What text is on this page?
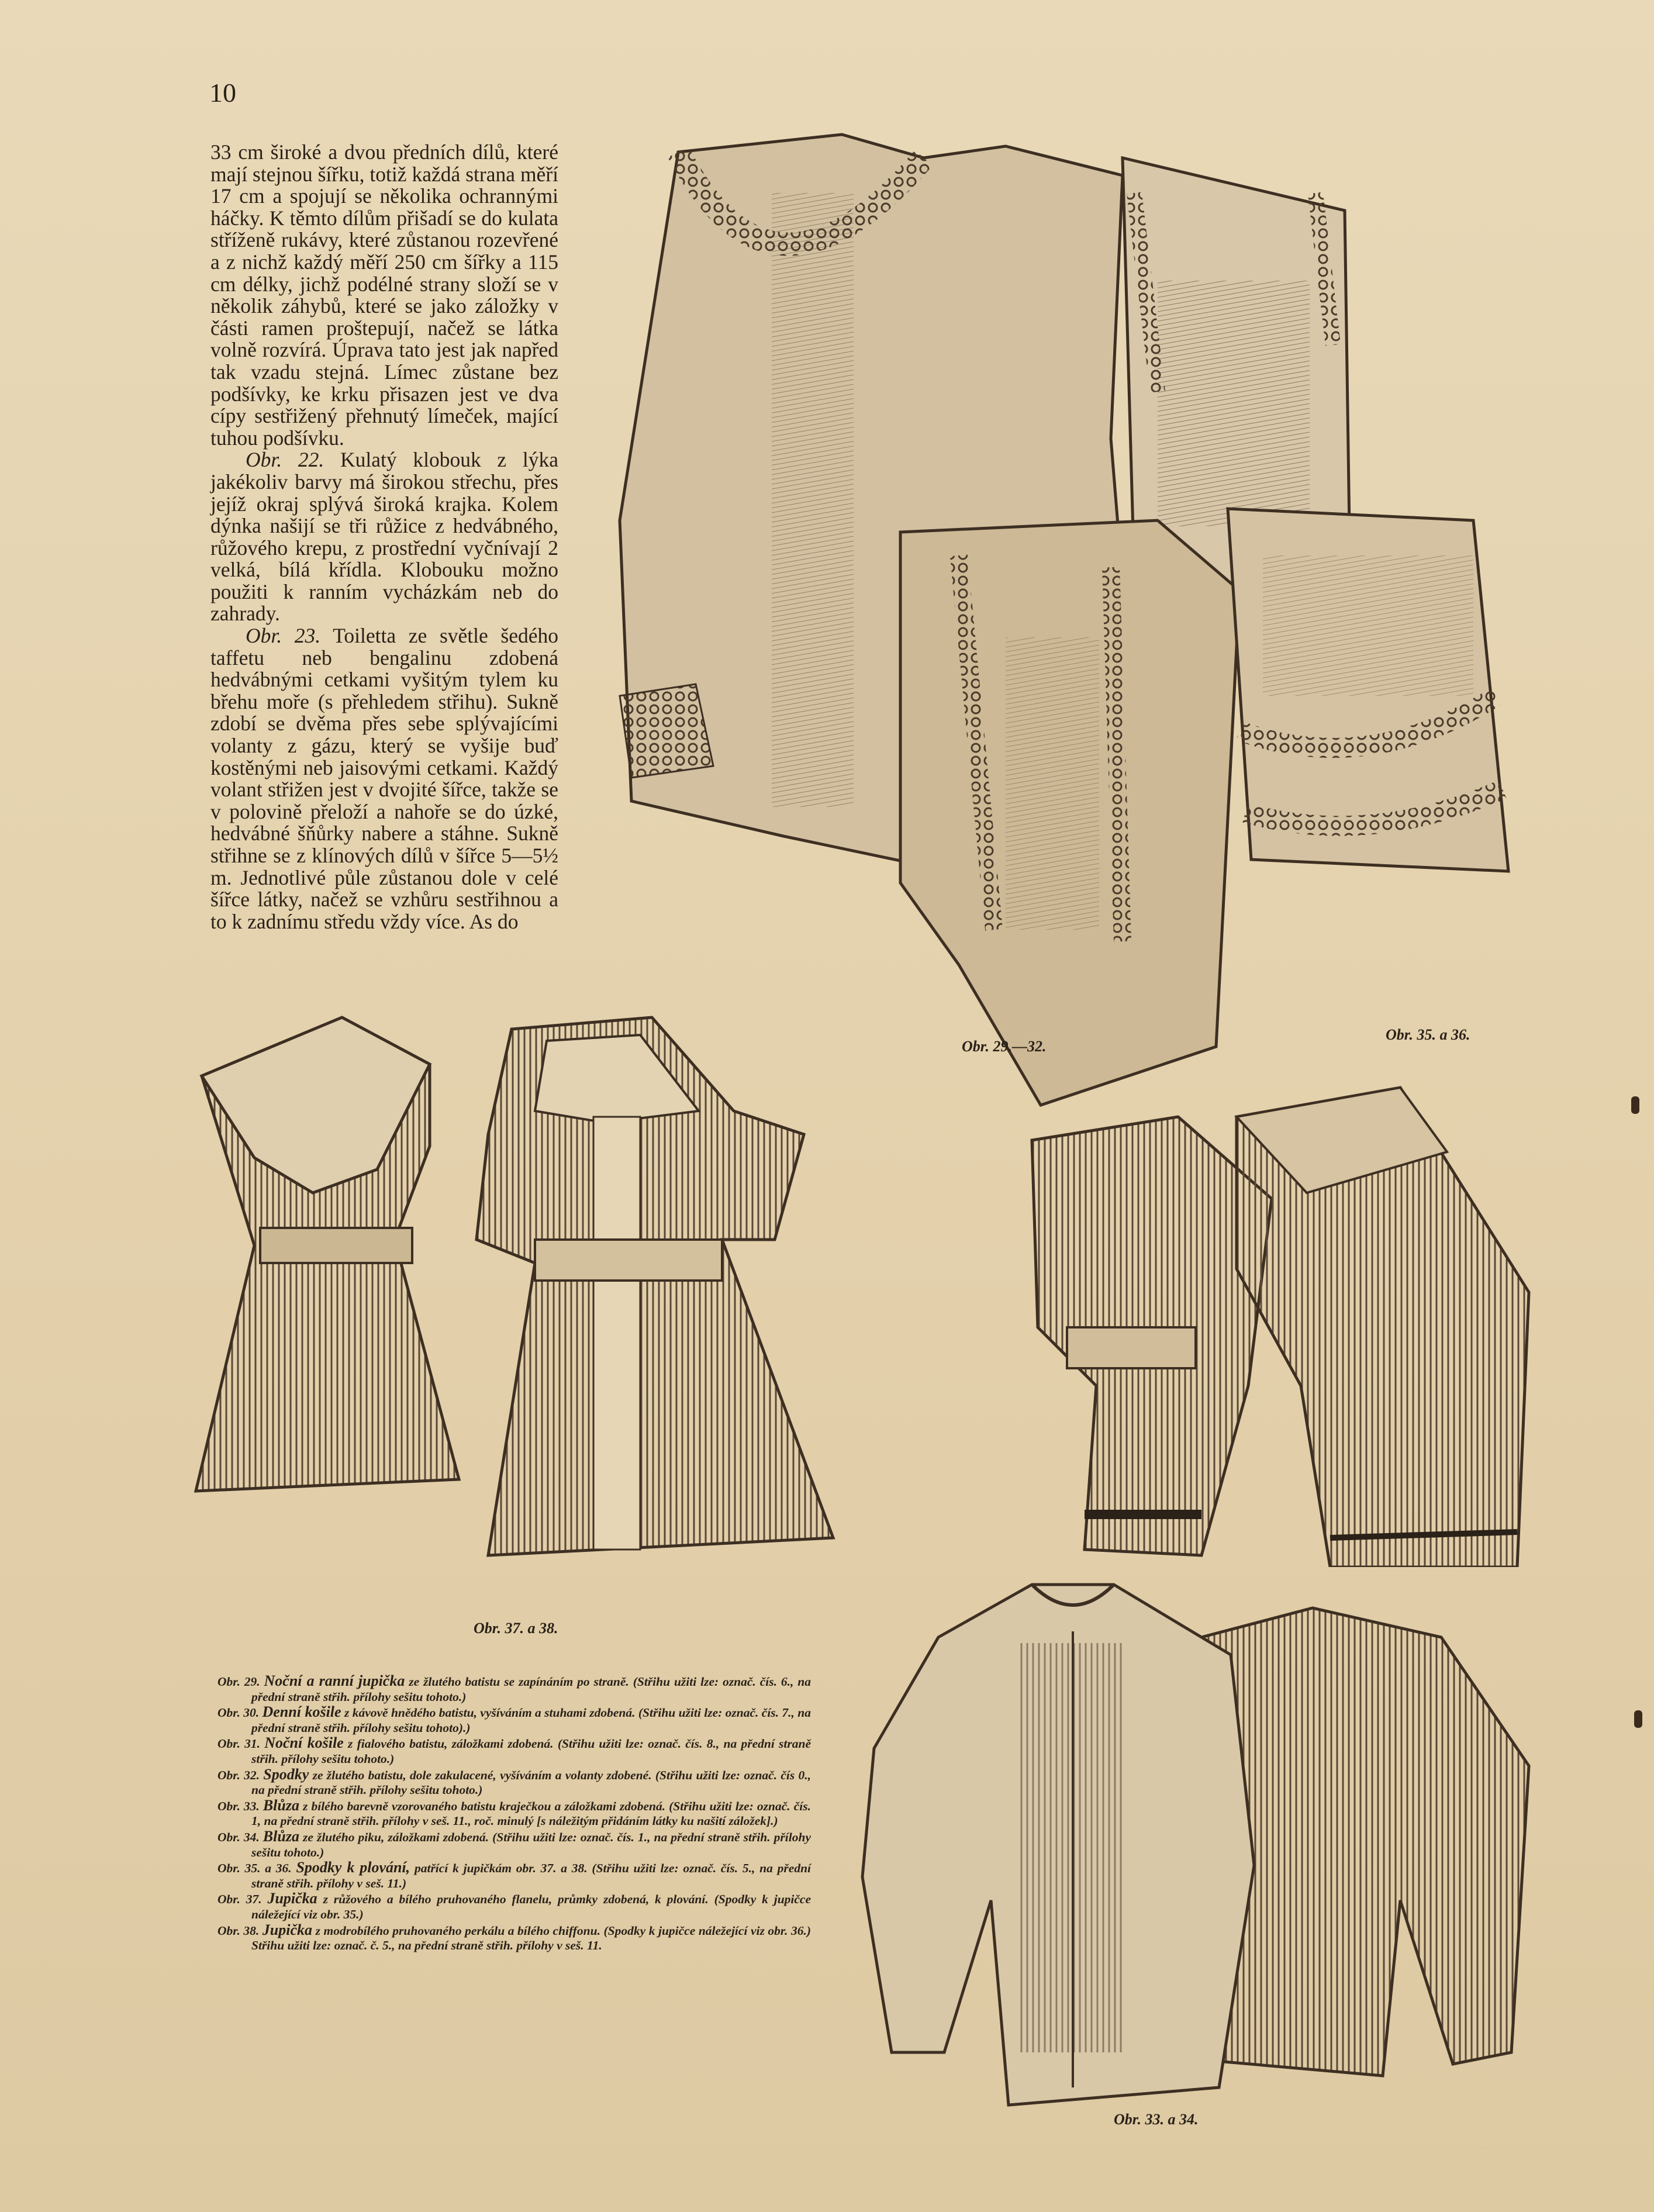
10

33 cm široké a dvou předních dílů, které mají stejnou šířku, totiž každá strana měří 17 cm a spojují se několika ochrannými háčky. K těmto dílům přišadí se do kulata stříženě rukávy, které zůstanou rozevřené a z nichž každý měří 250 cm šířky a 115 cm délky, jichž podélné strany složí se v několik záhybů, které se jako záložky v části ramen proštepují, načež se látka volně rozvírá. Úprava tato jest jak napřed tak vzadu stejná. Límec zůstane bez podšívky, ke krku přisazen jest ve dva cípy sestřižený přehnutý límeček, mající tuhou podšívku.

Obr. 22. Kulatý klobouk z lýka jakékoliv barvy má širokou střechu, přes jejíž okraj splývá široká krajka. Kolem dýnka našijí se tři růžice z hedvábného, růžového krepu, z prostřední vyčnívají 2 velká, bílá křídla. Klobouku možno použiti k ranním vycházkám neb do zahrady.

Obr. 23. Toiletta ze světle šedého taffetu neb bengalinu zdobená hedvábnými cetkami vyšitým tylem ku břehu moře (s přehledem střihu). Sukně zdobí se dvěma přes sebe splývajícími volanty z gázu, který se vyšije buď kostěnými neb jaisovými cetkami. Každý volant střižen jest v dvojité šířce, takže se v polovině přeloží a nahoře se do úzké, hedvábné šňůrky nabere a stáhne. Sukně střihne se z klínových dílů v šířce 5—5½ m. Jednotlivé půle zůstanou dole v celé šířce látky, načež se vzhůru sestřihnou a to k zadnímu středu vždy více. As do

Obr. 29.—32.
Obr. 35. a 36.
Obr. 37. a 38.
Obr. 33. a 34.

Obr. 29. Noční a ranní jupička ze žlutého batistu se zapínáním po straně. (Střihu užiti lze: označ. čís. 6., na přední straně střih. přílohy sešitu tohoto.)

Obr. 30. Denní košile z kávově hnědého batistu, vyšíváním a stuhami zdobená. (Střihu užiti lze: označ. čís. 7., na přední straně střih. přílohy sešitu tohoto).)

Obr. 31. Noční košile z fialového batistu, záložkami zdobená. (Střihu užiti lze: označ. čís. 8., na přední straně střih. přílohy sešitu tohoto.)

Obr. 32. Spodky ze žlutého batistu, dole zakulacené, vyšíváním a volanty zdobené. (Střihu užiti lze: označ. čís 0., na přední straně střih. přílohy sešitu tohoto.)

Obr. 33. Blůza z bílého barevně vzorovaného batistu kraječkou a záložkami zdobená. (Střihu užiti lze: označ. čís. 1, na přední straně střih. přílohy v seš. 11., roč. minulý [s náležitým přidáním látky ku našití záložek].)

Obr. 34. Blůza ze žlutého piku, záložkami zdobená. (Střihu užiti lze: označ. čís. 1., na přední straně střih. přílohy sešitu tohoto.)

Obr. 35. a 36. Spodky k plování, patřící k jupičkám obr. 37. a 38. (Střihu užiti lze: označ. čís. 5., na přední straně střih. přílohy v seš. 11.)

Obr. 37. Jupička z růžového a bílého pruhovaného flanelu, průmky zdobená, k plování. (Spodky k jupičce náležející viz obr. 35.)

Obr. 38. Jupička z modrobílého pruhovaného perkálu a bílého chiffonu. (Spodky k jupičce náležející viz obr. 36.) Střihu užiti lze: označ. č. 5., na přední straně střih. přílohy v seš. 11.
